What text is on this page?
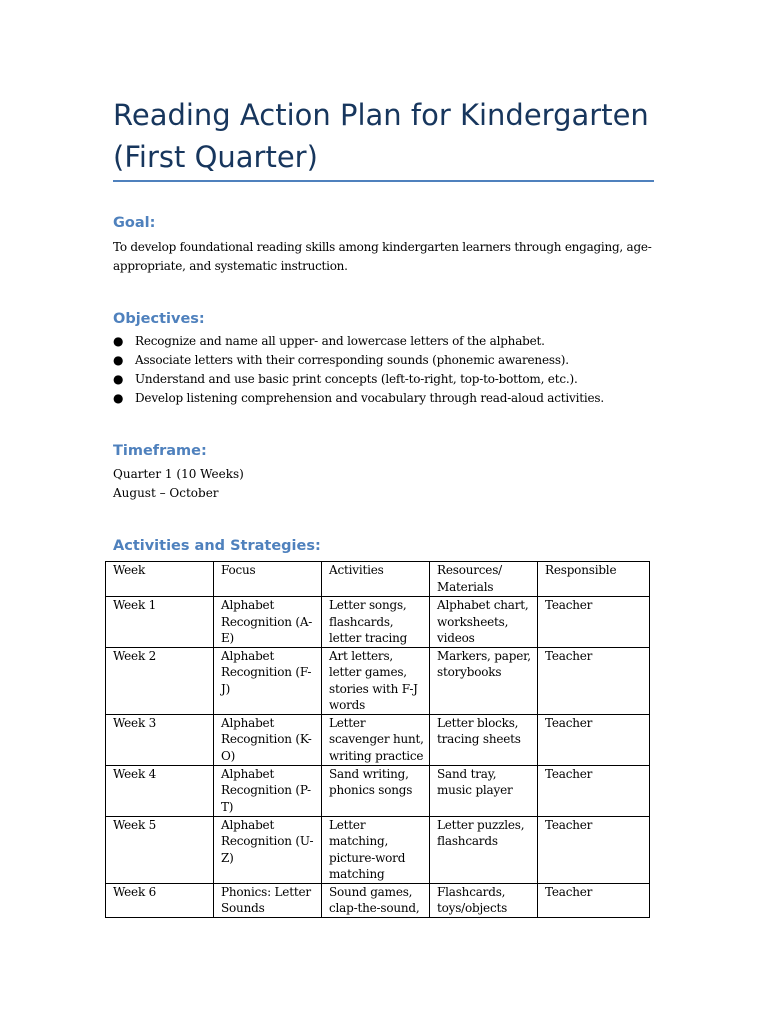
Reading Action Plan for Kindergarten (First Quarter)
Goal:

To develop foundational reading skills among kindergarten learners through engaging, age-appropriate, and systematic instruction.

Objectives:
● Recognize and name all upper- and lowercase letters of the alphabet.
● Associate letters with their corresponding sounds (phonemic awareness).
● Understand and use basic print concepts (left-to-right, top-to-bottom, etc.).
● Develop listening comprehension and vocabulary through read-aloud activities.
Timeframe:

Quarter 1 (10 Weeks)

August – October

Activities and Strategies:
Week	Focus	Activities	Resources/ Materials	Responsible
Week 1	Alphabet Recognition (A-E)	Letter songs, flashcards, letter tracing	Alphabet chart, worksheets, videos	Teacher
Week 2	Alphabet Recognition (F-J)	Art letters, letter games, stories with F-J words	Markers, paper, storybooks	Teacher
Week 3	Alphabet Recognition (K-O)	Letter scavenger hunt, writing practice	Letter blocks, tracing sheets	Teacher
Week 4	Alphabet Recognition (P-T)	Sand writing, phonics songs	Sand tray, music player	Teacher
Week 5	Alphabet Recognition (U-Z)	Letter matching, picture-word matching	Letter puzzles, flashcards	Teacher
Week 6	Phonics: Letter Sounds	Sound games, clap-the-sound,	Flashcards, toys/objects	Teacher
